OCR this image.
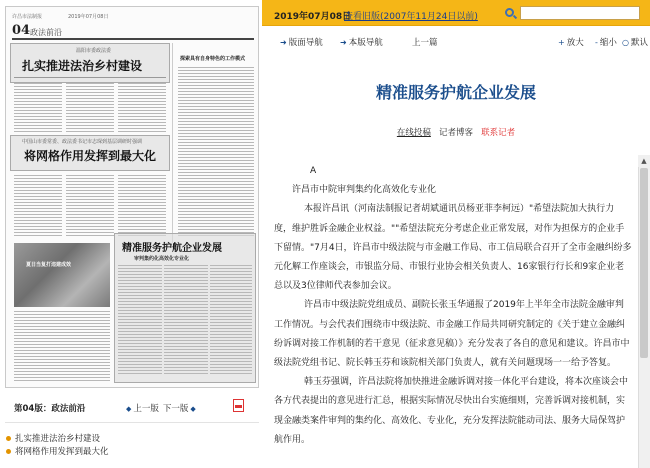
许昌市法制报	2019年07月08日
04 政法前沿
温阳市委政法委
扎实推进法治乡村建设	探索具有自身特色的工作模式
中国山市委常委、政法委书记市志琛到基层调研时强调
将网格作用发挥到最大化
夏日当复打违建成效
精准服务护航企业发展
审判集约化高效化专业化
第04版：政法前沿	◆ 上一版 下一版 ◆
扎实推进法治乡村建设
将网格作用发挥到最大化
2019年07月08日
查看旧版(2007年11月24日以前)
➜ 版面导航 ➜ 本版导航	上一篇	+ 放大 - 缩小 ○ 默认
精准服务护航企业发展
在线投稿 记者博客 联系记者

A

许昌市中院审判集约化高效化专业化

本报许昌讯（河南法制报记者胡斌通讯员杨亚菲李柯远）"希望法院加大执行力度，维护胜诉金融企业权益。""希望法院充分考虑企业正常发展，对作为担保方的企业手下留情。"7月4日，许昌市中级法院与市金融工作局、市工信局联合召开了全市金融纠纷多元化解工作座谈会，市银监分局、市银行业协会相关负责人、16家银行行长和9家企业老总以及3位律师代表参加会议。

许昌市中级法院党组成员、副院长张玉华通报了2019年上半年全市法院金融审判工作情况。与会代表们围绕市中级法院、市金融工作局共同研究制定的《关于建立金融纠纷诉调对接工作机制的若干意见（征求意见稿）》充分发表了各自的意见和建议。许昌市中级法院党组书记、院长韩玉芬和该院相关部门负责人，就有关问题现场一一给予答复。

韩玉芬强调，许昌法院将加快推进金融诉调对接一体化平台建设，将本次座谈会中各方代表提出的意见进行汇总，根据实际情况尽快出台实施细则，完善诉调对接机制，实现金融类案件审判的集约化、高效化、专业化，充分发挥法院能动司法、服务大局保驾护航作用。

▲
